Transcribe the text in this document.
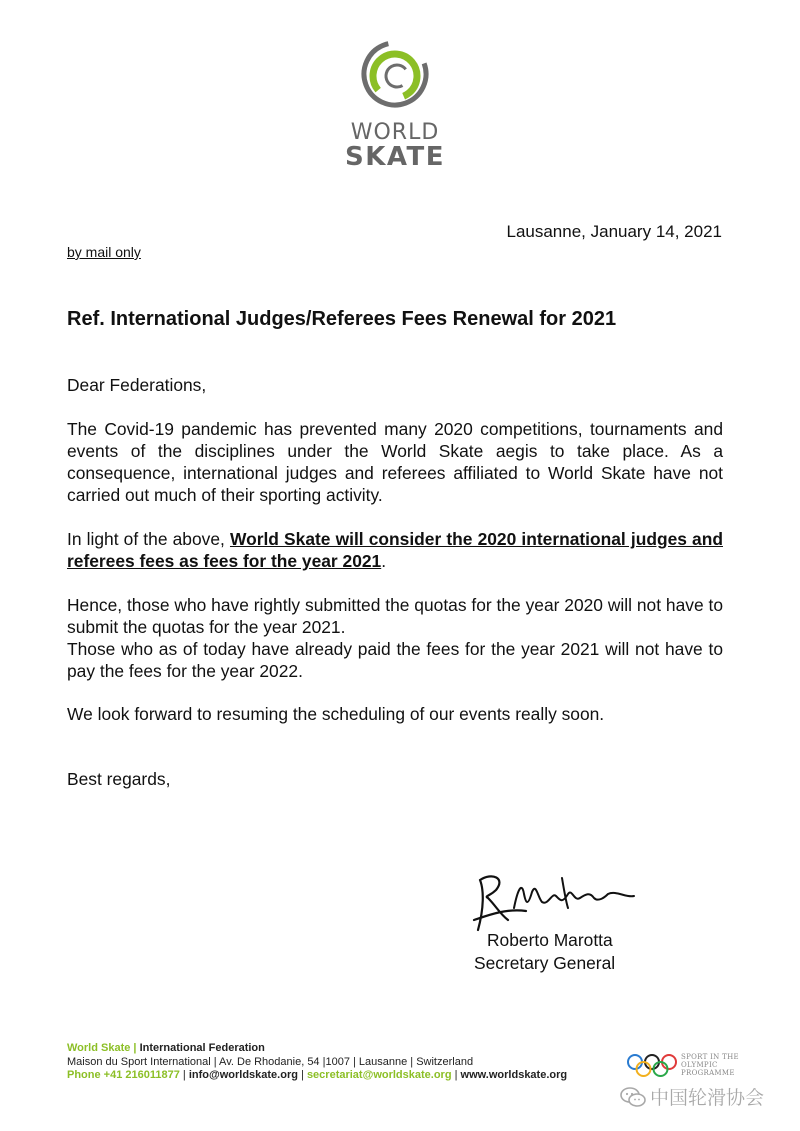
WORLD
SKATE
Lausanne, January 14, 2021
by mail only
Ref. International Judges/Referees Fees Renewal for 2021
Dear Federations,
The Covid-19 pandemic has prevented many 2020 competitions, tournaments and events of the disciplines under the World Skate aegis to take place. As a consequence, international judges and referees affiliated to World Skate have not carried out much of their sporting activity.
In light of the above, World Skate will consider the 2020 international judges and referees fees as fees for the year 2021.
Hence, those who have rightly submitted the quotas for the year 2020 will not have to submit the quotas for the year 2021.
Those who as of today have already paid the fees for the year 2021 will not have to pay the fees for the year 2022.
We look forward to resuming the scheduling of our events really soon.
Best regards,
Roberto Marotta
Secretary General
World Skate | International Federation
Maison du Sport International | Av. De Rhodanie, 54 |1007 | Lausanne | Switzerland
Phone +41 216011877 | info@worldskate.org | secretariat@worldskate.org | www.worldskate.org
SPORT IN THE
OLYMPIC
PROGRAMME
中国轮滑协会
